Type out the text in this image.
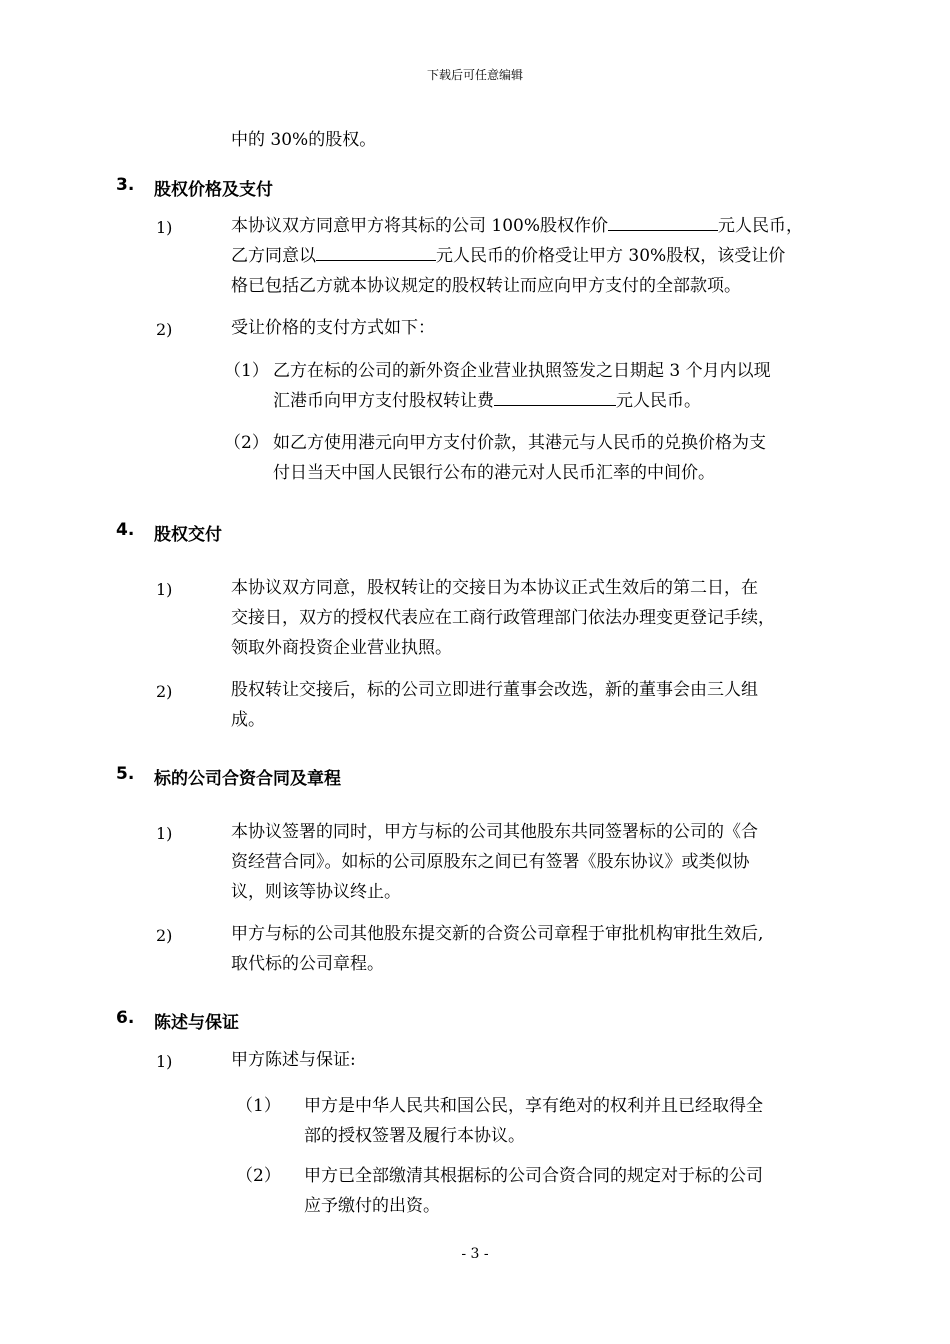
下载后可任意编辑
中的 30%的股权。
3. 股权价格及支付
1)	本协议双方同意甲方将其标的公司 100%股权作价	元人民币，
乙方同意以	元人民币的价格受让甲方 30%股权，该受让价
格已包括乙方就本协议规定的股权转让而应向甲方支付的全部款项。
2)	受让价格的支付方式如下：
（1） 乙方在标的公司的新外资企业营业执照签发之日期起 3 个月内以现
汇港币向甲方支付股权转让费	元人民币。
（2） 如乙方使用港元向甲方支付价款，其港元与人民币的兑换价格为支
付日当天中国人民银行公布的港元对人民币汇率的中间价。
4. 股权交付
1)	本协议双方同意，股权转让的交接日为本协议正式生效后的第二日，在
交接日，双方的授权代表应在工商行政管理部门依法办理变更登记手续，
领取外商投资企业营业执照。
2)	股权转让交接后，标的公司立即进行董事会改选，新的董事会由三人组
成。
5. 标的公司合资合同及章程
1)	本协议签署的同时，甲方与标的公司其他股东共同签署标的公司的《合
资经营合同》。如标的公司原股东之间已有签署《股东协议》或类似协
议，则该等协议终止。
2)	甲方与标的公司其他股东提交新的合资公司章程于审批机构审批生效后,
取代标的公司章程。
6. 陈述与保证
1)	甲方陈述与保证:
（1） 甲方是中华人民共和国公民，享有绝对的权利并且已经取得全
部的授权签署及履行本协议。
（2） 甲方已全部缴清其根据标的公司合资合同的规定对于标的公司
应予缴付的出资。
- 3 -
